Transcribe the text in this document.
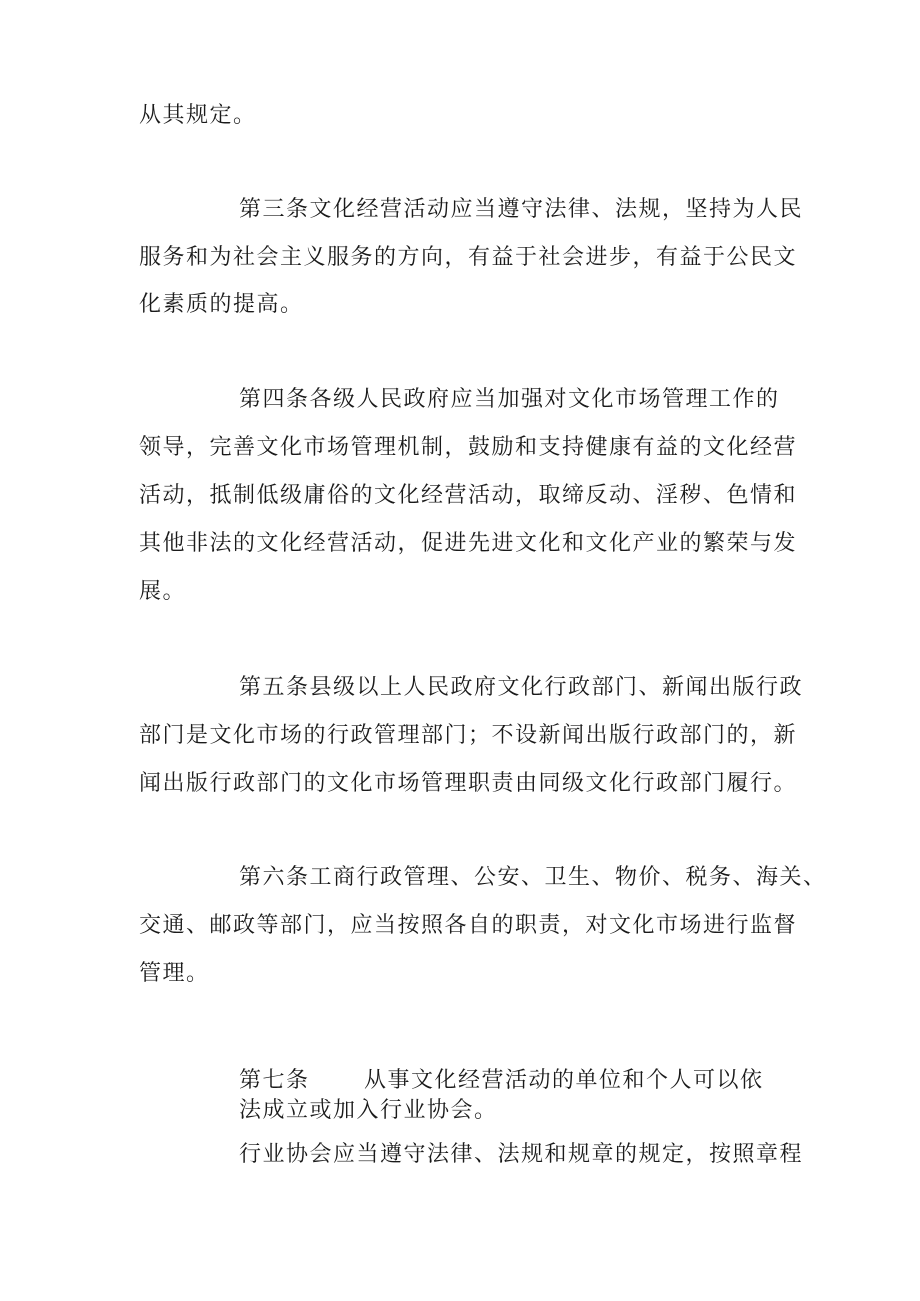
从其规定。
第三条文化经营活动应当遵守法律、法规，坚持为人民
服务和为社会主义服务的方向，有益于社会进步，有益于公民文
化素质的提高。
第四条各级人民政府应当加强对文化市场管理工作的
领导，完善文化市场管理机制，鼓励和支持健康有益的文化经营
活动，抵制低级庸俗的文化经营活动，取缔反动、淫秽、色情和
其他非法的文化经营活动，促进先进文化和文化产业的繁荣与发
展。
第五条县级以上人民政府文化行政部门、新闻出版行政
部门是文化市场的行政管理部门；不设新闻出版行政部门的，新
闻出版行政部门的文化市场管理职责由同级文化行政部门履行。
第六条工商行政管理、公安、卫生、物价、税务、海关、
交通、邮政等部门，应当按照各自的职责，对文化市场进行监督
管理。
第七条 从事文化经营活动的单位和个人可以依
法成立或加入行业协会。
行业协会应当遵守法律、法规和规章的规定，按照章程
